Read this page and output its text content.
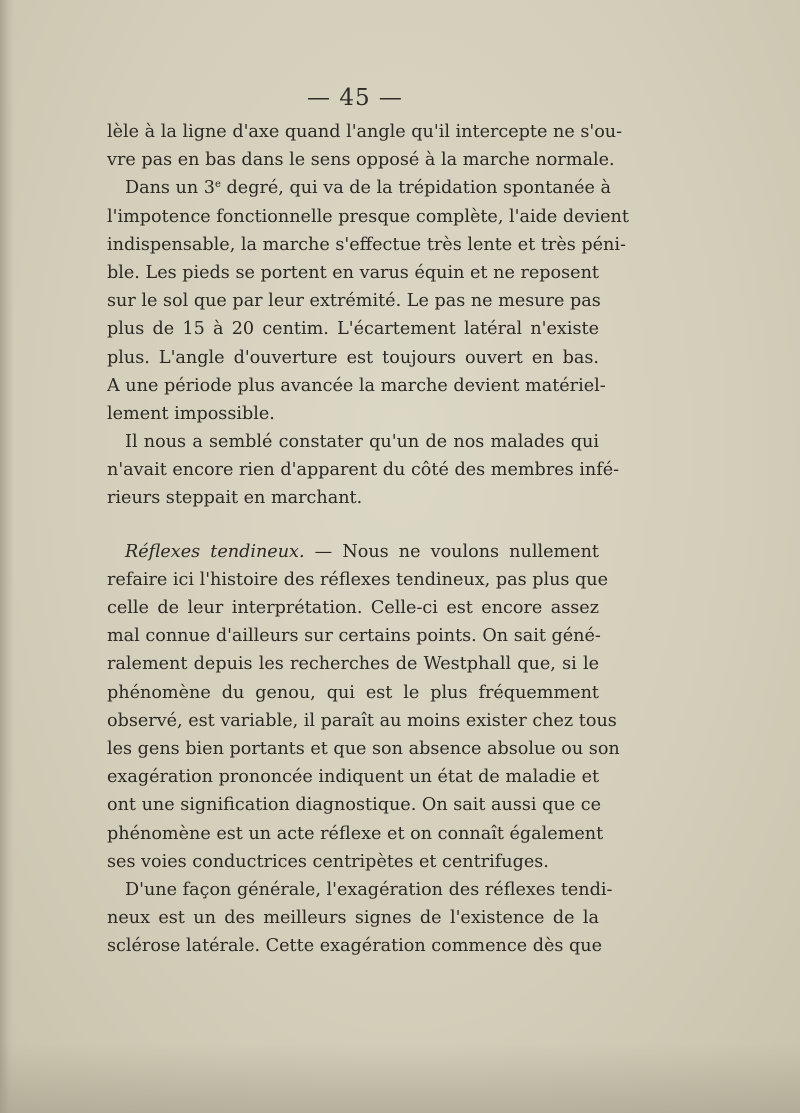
— 45 —
lèle à la ligne d'axe quand l'angle qu'il intercepte ne s'ou-
vre pas en bas dans le sens opposé à la marche normale.
Dans un 3e degré, qui va de la trépidation spontanée à
l'impotence fonctionnelle presque complète, l'aide devient
indispensable, la marche s'effectue très lente et très péni-
ble. Les pieds se portent en varus équin et ne reposent
sur le sol que par leur extrémité. Le pas ne mesure pas
plus de 15 à 20 centim. L'écartement latéral n'existe
plus. L'angle d'ouverture est toujours ouvert en bas.
A une période plus avancée la marche devient matériel-
lement impossible.
Il nous a semblé constater qu'un de nos malades qui
n'avait encore rien d'apparent du côté des membres infé-
rieurs steppait en marchant.
Réflexes tendineux. — Nous ne voulons nullement
refaire ici l'histoire des réflexes tendineux, pas plus que
celle de leur interprétation. Celle-ci est encore assez
mal connue d'ailleurs sur certains points. On sait géné-
ralement depuis les recherches de Westphall que, si le
phénomène du genou, qui est le plus fréquemment
observé, est variable, il paraît au moins exister chez tous
les gens bien portants et que son absence absolue ou son
exagération prononcée indiquent un état de maladie et
ont une signification diagnostique. On sait aussi que ce
phénomène est un acte réflexe et on connaît également
ses voies conductrices centripètes et centrifuges.
D'une façon générale, l'exagération des réflexes tendi-
neux est un des meilleurs signes de l'existence de la
sclérose latérale. Cette exagération commence dès que
